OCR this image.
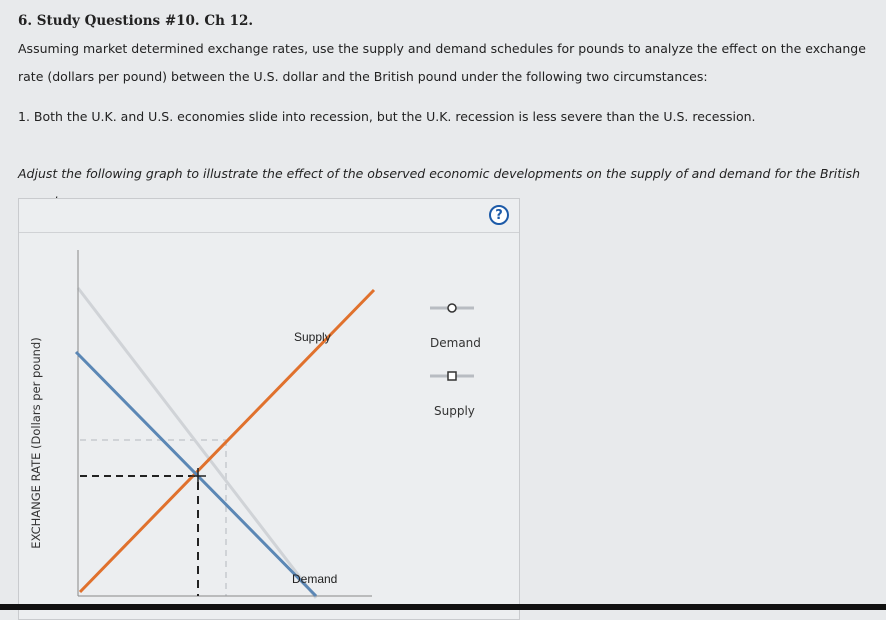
6. Study Questions #10. Ch 12.
Assuming market determined exchange rates, use the supply and demand schedules for pounds to analyze the effect on the exchange rate (dollars per pound) between the U.S. dollar and the British pound under the following two circumstances:
1. Both the U.K. and U.S. economies slide into recession, but the U.K. recession is less severe than the U.S. recession.
Adjust the following graph to illustrate the effect of the observed economic developments on the supply of and demand for the British
?
Supply
Demand
EXCHANGE RATE (Dollars per pound)	Demand
Supply
